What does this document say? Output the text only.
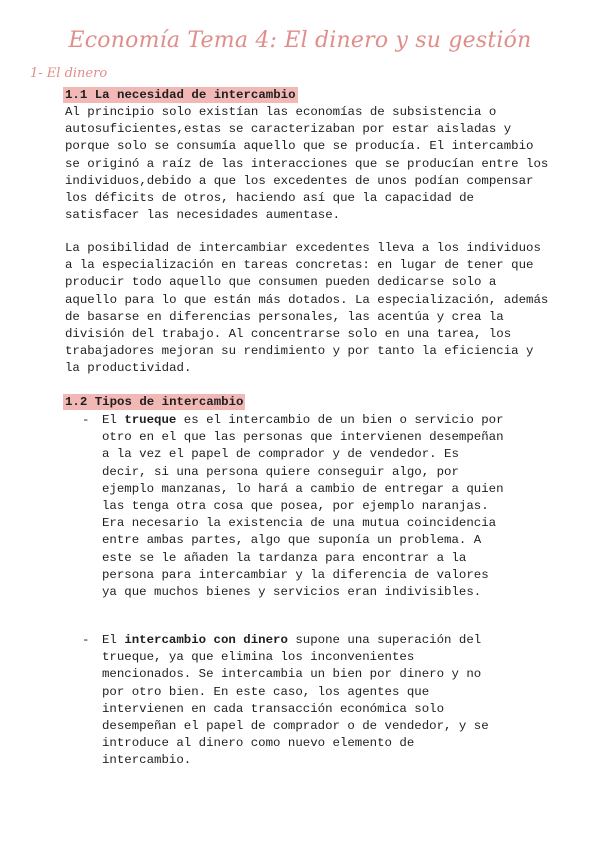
Economía Tema 4: El dinero y su gestión
1- El dinero
1.1 La necesidad de intercambio

Al principio solo existían las economías de subsistencia o
autosuficientes,estas se caracterizaban por estar aisladas y
porque solo se consumía aquello que se producía. El intercambio
se originó a raíz de las interacciones que se producían entre los
individuos,debido a que los excedentes de unos podían compensar
los déficits de otros, haciendo así que la capacidad de
satisfacer las necesidades aumentase.

La posibilidad de intercambiar excedentes lleva a los individuos
a la especialización en tareas concretas: en lugar de tener que
producir todo aquello que consumen pueden dedicarse solo a
aquello para lo que están más dotados. La especialización, además
de basarse en diferencias personales, las acentúa y crea la
división del trabajo. Al concentrarse solo en una tarea, los
trabajadores mejoran su rendimiento y por tanto la eficiencia y
la productividad.

1.2 Tipos de intercambio
- El trueque es el intercambio de un bien o servicio por
otro en el que las personas que intervienen desempeñan
a la vez el papel de comprador y de vendedor. Es
decir, si una persona quiere conseguir algo, por
ejemplo manzanas, lo hará a cambio de entregar a quien
las tenga otra cosa que posea, por ejemplo naranjas.
Era necesario la existencia de una mutua coincidencia
entre ambas partes, algo que suponía un problema. A
este se le añaden la tardanza para encontrar a la
persona para intercambiar y la diferencia de valores
ya que muchos bienes y servicios eran indivisibles.
- El intercambio con dinero supone una superación del
trueque, ya que elimina los inconvenientes
mencionados. Se intercambia un bien por dinero y no
por otro bien. En este caso, los agentes que
intervienen en cada transacción económica solo
desempeñan el papel de comprador o de vendedor, y se
introduce al dinero como nuevo elemento de
intercambio.
